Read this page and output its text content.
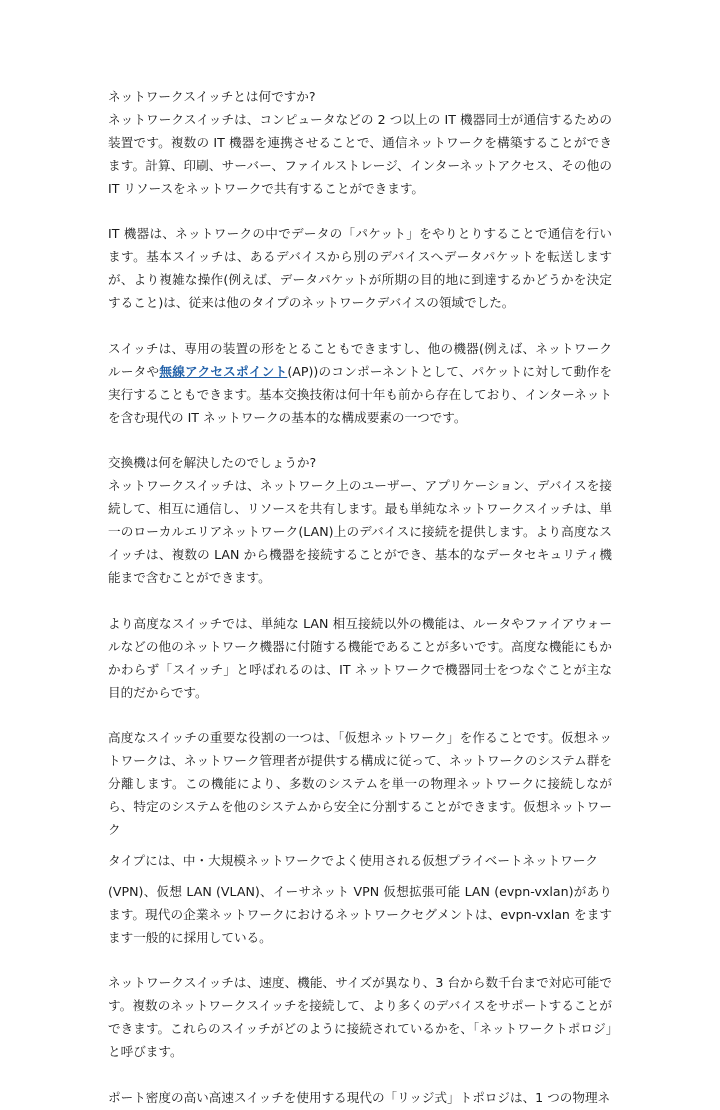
ネットワークスイッチとは何ですか?

ネットワークスイッチは、コンピュータなどの 2 つ以上の IT 機器同士が通信するための装置です。複数の IT 機器を連携させることで、通信ネットワークを構築することができます。計算、印刷、サーバー、ファイルストレージ、インターネットアクセス、その他の IT リソースをネットワークで共有することができます。

IT 機器は、ネットワークの中でデータの「パケット」をやりとりすることで通信を行います。基本スイッチは、あるデバイスから別のデバイスへデータパケットを転送しますが、より複雑な操作(例えば、データパケットが所期の目的地に到達するかどうかを決定すること)は、従来は他のタイプのネットワークデバイスの領域でした。

スイッチは、専用の装置の形をとることもできますし、他の機器(例えば、ネットワークルータや無線アクセスポイント(AP))のコンポーネントとして、パケットに対して動作を実行することもできます。基本交換技術は何十年も前から存在しており、インターネットを含む現代の IT ネットワークの基本的な構成要素の一つです。

交換機は何を解決したのでしょうか?

ネットワークスイッチは、ネットワーク上のユーザー、アプリケーション、デバイスを接続して、相互に通信し、リソースを共有します。最も単純なネットワークスイッチは、単一のローカルエリアネットワーク(LAN)上のデバイスに接続を提供します。より高度なスイッチは、複数の LAN から機器を接続することができ、基本的なデータセキュリティ機能まで含むことができます。

より高度なスイッチでは、単純な LAN 相互接続以外の機能は、ルータやファイアウォールなどの他のネットワーク機器に付随する機能であることが多いです。高度な機能にもかかわらず「スイッチ」と呼ばれるのは、IT ネットワークで機器同士をつなぐことが主な目的だからです。

高度なスイッチの重要な役割の一つは、「仮想ネットワーク」を作ることです。仮想ネットワークは、ネットワーク管理者が提供する構成に従って、ネットワークのシステム群を分離します。この機能により、多数のシステムを単一の物理ネットワークに接続しながら、特定のシステムを他のシステムから安全に分割することができます。仮想ネットワーク

タイプには、中・大規模ネットワークでよく使用される仮想プライベートネットワーク

(VPN)、仮想 LAN (VLAN)、イーサネット VPN 仮想拡張可能 LAN (evpn-vxlan)があります。現代の企業ネットワークにおけるネットワークセグメントは、evpn-vxlan をますます一般的に採用している。

ネットワークスイッチは、速度、機能、サイズが異なり、3 台から数千台まで対応可能です。複数のネットワークスイッチを接続して、より多くのデバイスをサポートすることができます。これらのスイッチがどのように接続されているかを、「ネットワークトポロジ」と呼びます。

ポート密度の高い高速スイッチを使用する現代の「リッジ式」トポロジは、1 つの物理ネ
